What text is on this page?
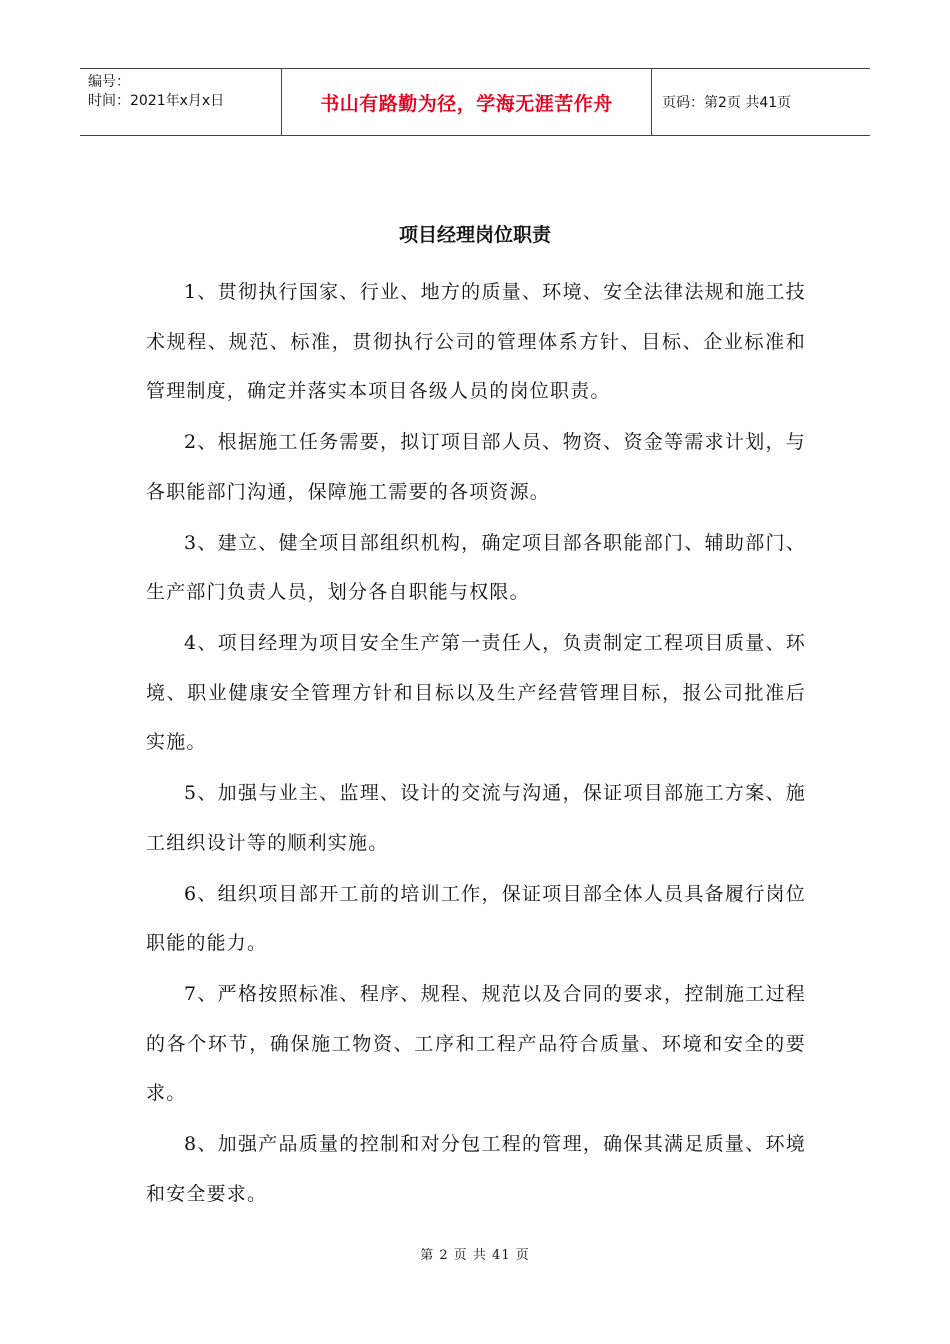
编号：
时间：2021年x月x日	书山有路勤为径，学海无涯苦作舟	页码：第2页 共41页
项目经理岗位职责

1、贯彻执行国家、行业、地方的质量、环境、安全法律法规和施工技术规程、规范、标准，贯彻执行公司的管理体系方针、目标、企业标准和管理制度，确定并落实本项目各级人员的岗位职责。

2、根据施工任务需要，拟订项目部人员、物资、资金等需求计划，与各职能部门沟通，保障施工需要的各项资源。

3、建立、健全项目部组织机构，确定项目部各职能部门、辅助部门、生产部门负责人员，划分各自职能与权限。

4、项目经理为项目安全生产第一责任人，负责制定工程项目质量、环境、职业健康安全管理方针和目标以及生产经营管理目标，报公司批准后实施。

5、加强与业主、监理、设计的交流与沟通，保证项目部施工方案、施工组织设计等的顺利实施。

6、组织项目部开工前的培训工作，保证项目部全体人员具备履行岗位职能的能力。

7、严格按照标准、程序、规程、规范以及合同的要求，控制施工过程的各个环节，确保施工物资、工序和工程产品符合质量、环境和安全的要求。

8、加强产品质量的控制和对分包工程的管理，确保其满足质量、环境和安全要求。

第 2 页 共 41 页
